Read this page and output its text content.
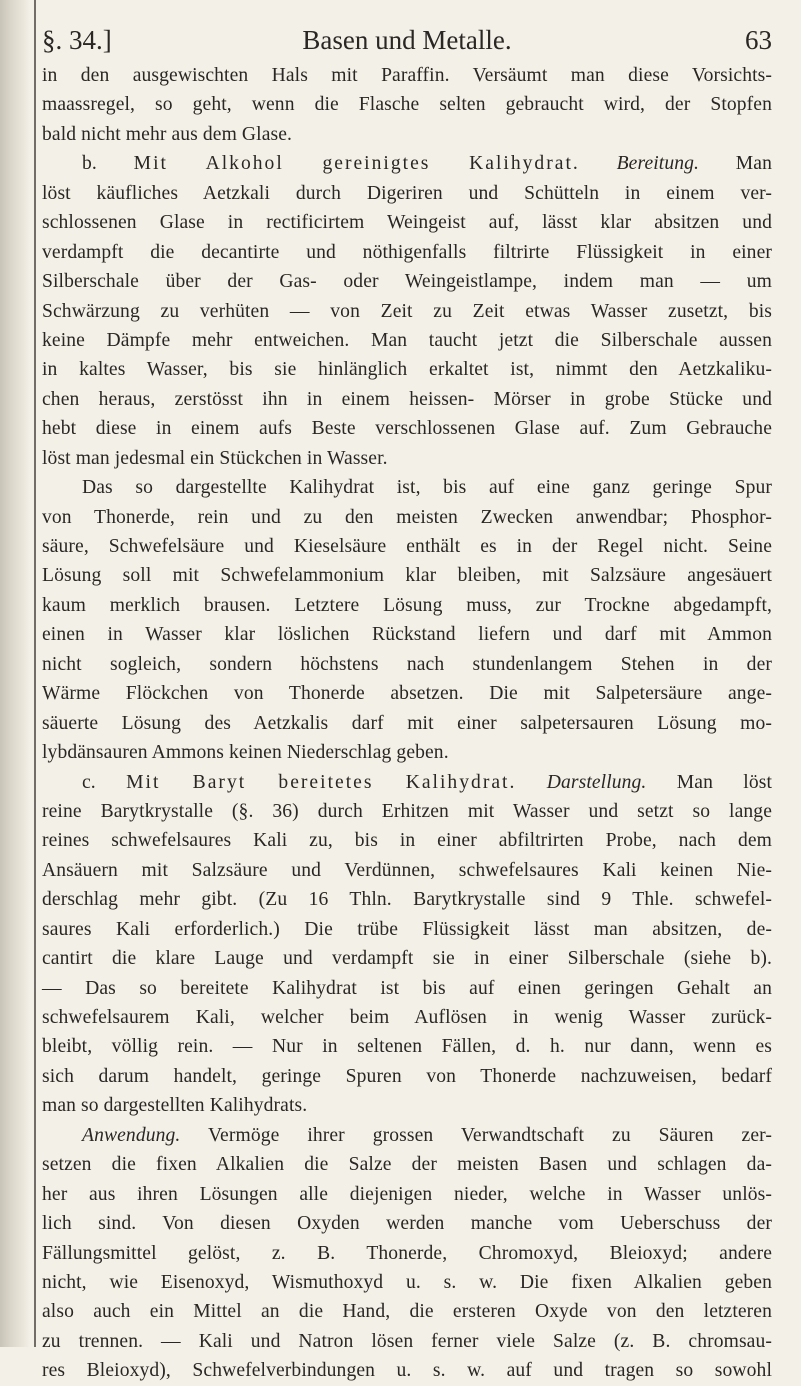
§. 34.]	Basen und Metalle.	63
in den ausgewischten Hals mit Paraffin. Versäumt man diese Vorsichts-
maassregel, so geht, wenn die Flasche selten gebraucht wird, der Stopfen
bald nicht mehr aus dem Glase.
b. Mit Alkohol gereinigtes Kalihydrat. Bereitung. Man
löst käufliches Aetzkali durch Digeriren und Schütteln in einem ver-
schlossenen Glase in rectificirtem Weingeist auf, lässt klar absitzen und
verdampft die decantirte und nöthigenfalls filtrirte Flüssigkeit in einer
Silberschale über der Gas- oder Weingeistlampe, indem man — um
Schwärzung zu verhüten — von Zeit zu Zeit etwas Wasser zusetzt, bis
keine Dämpfe mehr entweichen. Man taucht jetzt die Silberschale aussen
in kaltes Wasser, bis sie hinlänglich erkaltet ist, nimmt den Aetzkaliku-
chen heraus, zerstösst ihn in einem heissen- Mörser in grobe Stücke und
hebt diese in einem aufs Beste verschlossenen Glase auf. Zum Gebrauche
löst man jedesmal ein Stückchen in Wasser.
Das so dargestellte Kalihydrat ist, bis auf eine ganz geringe Spur
von Thonerde, rein und zu den meisten Zwecken anwendbar; Phosphor-
säure, Schwefelsäure und Kieselsäure enthält es in der Regel nicht. Seine
Lösung soll mit Schwefelammonium klar bleiben, mit Salzsäure angesäuert
kaum merklich brausen. Letztere Lösung muss, zur Trockne abgedampft,
einen in Wasser klar löslichen Rückstand liefern und darf mit Ammon
nicht sogleich, sondern höchstens nach stundenlangem Stehen in der
Wärme Flöckchen von Thonerde absetzen. Die mit Salpetersäure ange-
säuerte Lösung des Aetzkalis darf mit einer salpetersauren Lösung mo-
lybdänsauren Ammons keinen Niederschlag geben.
c. Mit Baryt bereitetes Kalihydrat. Darstellung. Man löst
reine Barytkrystalle (§. 36) durch Erhitzen mit Wasser und setzt so lange
reines schwefelsaures Kali zu, bis in einer abfiltrirten Probe, nach dem
Ansäuern mit Salzsäure und Verdünnen, schwefelsaures Kali keinen Nie-
derschlag mehr gibt. (Zu 16 Thln. Barytkrystalle sind 9 Thle. schwefel-
saures Kali erforderlich.) Die trübe Flüssigkeit lässt man absitzen, de-
cantirt die klare Lauge und verdampft sie in einer Silberschale (siehe b).
— Das so bereitete Kalihydrat ist bis auf einen geringen Gehalt an
schwefelsaurem Kali, welcher beim Auflösen in wenig Wasser zurück-
bleibt, völlig rein. — Nur in seltenen Fällen, d. h. nur dann, wenn es
sich darum handelt, geringe Spuren von Thonerde nachzuweisen, bedarf
man so dargestellten Kalihydrats.
Anwendung. Vermöge ihrer grossen Verwandtschaft zu Säuren zer-
setzen die fixen Alkalien die Salze der meisten Basen und schlagen da-
her aus ihren Lösungen alle diejenigen nieder, welche in Wasser unlös-
lich sind. Von diesen Oxyden werden manche vom Ueberschuss der
Fällungsmittel gelöst, z. B. Thonerde, Chromoxyd, Bleioxyd; andere
nicht, wie Eisenoxyd, Wismuthoxyd u. s. w. Die fixen Alkalien geben
also auch ein Mittel an die Hand, die ersteren Oxyde von den letzteren
zu trennen. — Kali und Natron lösen ferner viele Salze (z. B. chromsau-
res Bleioxyd), Schwefelverbindungen u. s. w. auf und tragen so sowohl
